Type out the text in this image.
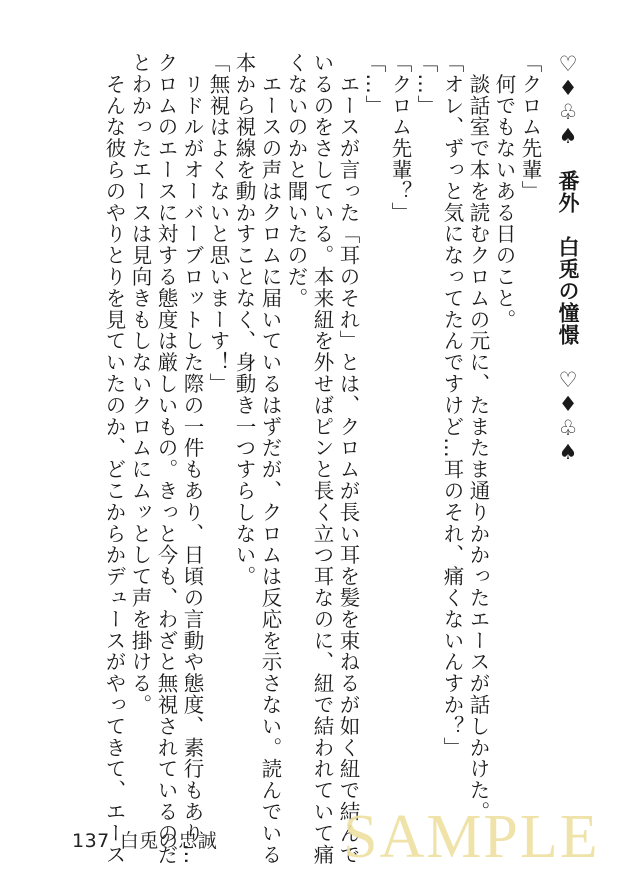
♡♦♧♠　番外　白兎の憧憬　♡♦♧♠
「クロム先輩」
　何でもないある日のこと。
　談話室で本を読むクロムの元に、たまたま通りかかったエースが話しかけた。
「オレ、ずっと気になってたんですけど…耳のそれ、痛くないんすか？」
「…」
「クロム先輩？」
「…」
　エースが言った「耳のそれ」とは、クロムが長い耳を髪を束ねるが如く紐で結んで
いるのをさしている。本来紐を外せばピンと長く立つ耳なのに、紐で結われていて痛
くないのかと聞いたのだ。
　エースの声はクロムに届いているはずだが、クロムは反応を示さない。読んでいる
本から視線を動かすことなく、身動き一つすらしない。
「無視はよくないと思いまーす！」
　リドルがオーバーブロットした際の一件もあり、日頃の言動や態度、素行もあり…
クロムのエースに対する態度は厳しいもの。きっと今も、わざと無視されているのだ
とわかったエースは見向きもしないクロムにムッとして声を掛ける。
　そんな彼らのやりとりを見ていたのか、どこからかデュースがやってきて、エース
137 白兎の忠誠 SAMPLE
